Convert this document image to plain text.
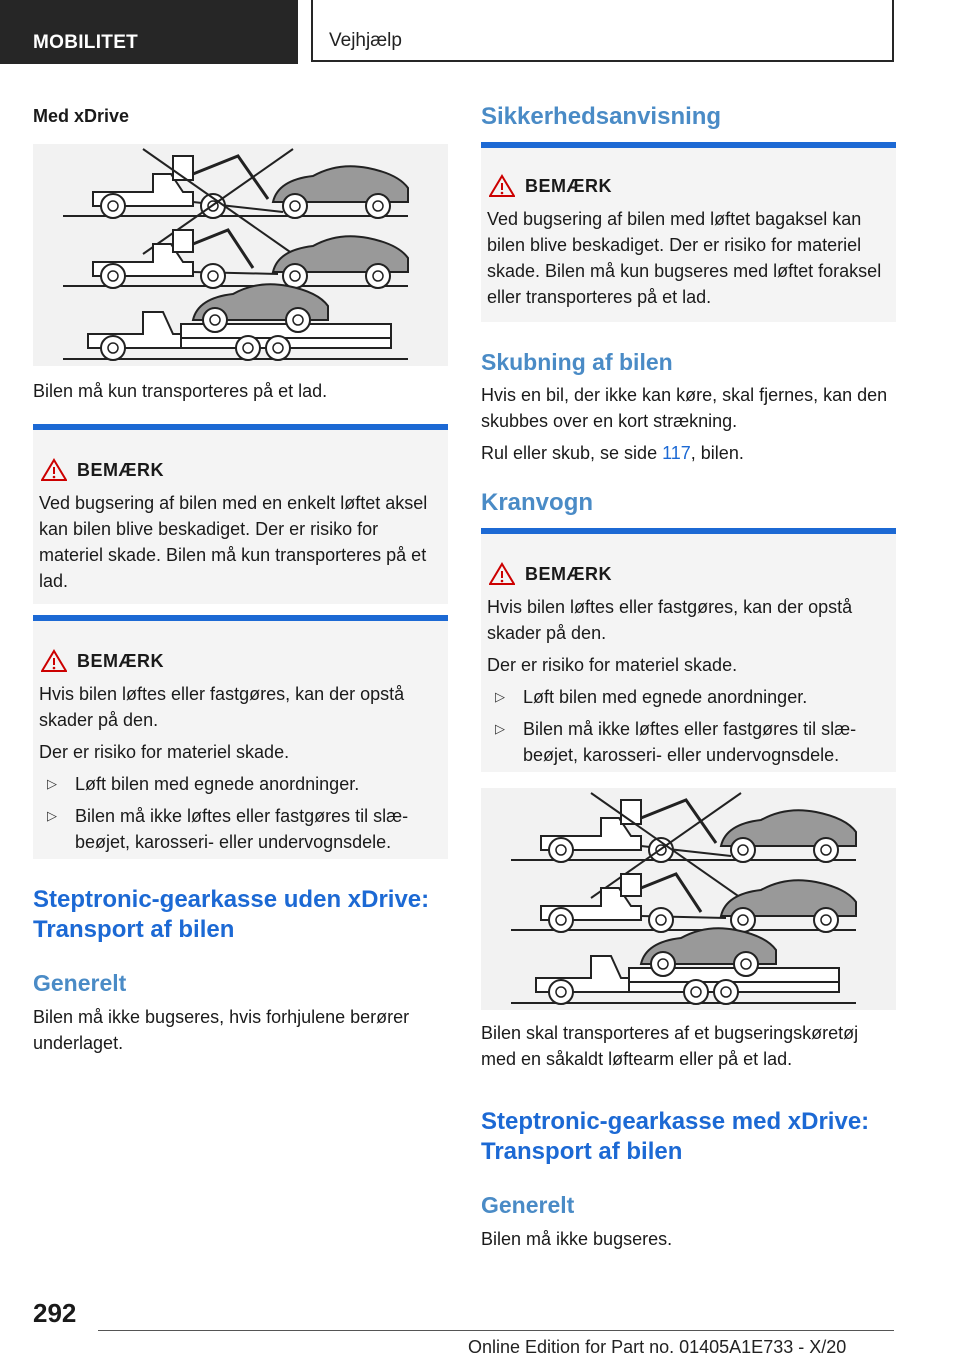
MOBILITET	Vejhjælp
Med xDrive
Bilen må kun transporteres på et lad.
BEMÆRK
Ved bugsering af bilen med en enkelt løftet aksel kan bilen blive beskadiget. Der er risiko for materiel skade. Bilen må kun transporteres på et lad.
BEMÆRK
Hvis bilen løftes eller fastgøres, kan der opstå skader på den.
Der er risiko for materiel skade.
▷ Løft bilen med egnede anordninger.
▷ Bilen må ikke løftes eller fastgøres til slæbeøjet, karosseri- eller undervognsdele.
Steptronic-gearkasse uden xDrive: Transport af bilen
Generelt
Bilen må ikke bugseres, hvis forhjulene berører underlaget.
Sikkerhedsanvisning
BEMÆRK
Ved bugsering af bilen med løftet bagaksel kan bilen blive beskadiget. Der er risiko for materiel skade. Bilen må kun bugseres med løftet foraksel eller transporteres på et lad.
Skubning af bilen
Hvis en bil, der ikke kan køre, skal fjernes, kan den skubbes over en kort strækning.
Rul eller skub, se side 117, bilen.
Kranvogn
BEMÆRK
Hvis bilen løftes eller fastgøres, kan der opstå skader på den.
Der er risiko for materiel skade.
▷ Løft bilen med egnede anordninger.
▷ Bilen må ikke løftes eller fastgøres til slæbeøjet, karosseri- eller undervognsdele.
Bilen skal transporteres af et bugseringskøretøj med en såkaldt løftearm eller på et lad.
Steptronic-gearkasse med xDrive: Transport af bilen
Generelt
Bilen må ikke bugseres.
292
Online Edition for Part no. 01405A1E733 - X/20
